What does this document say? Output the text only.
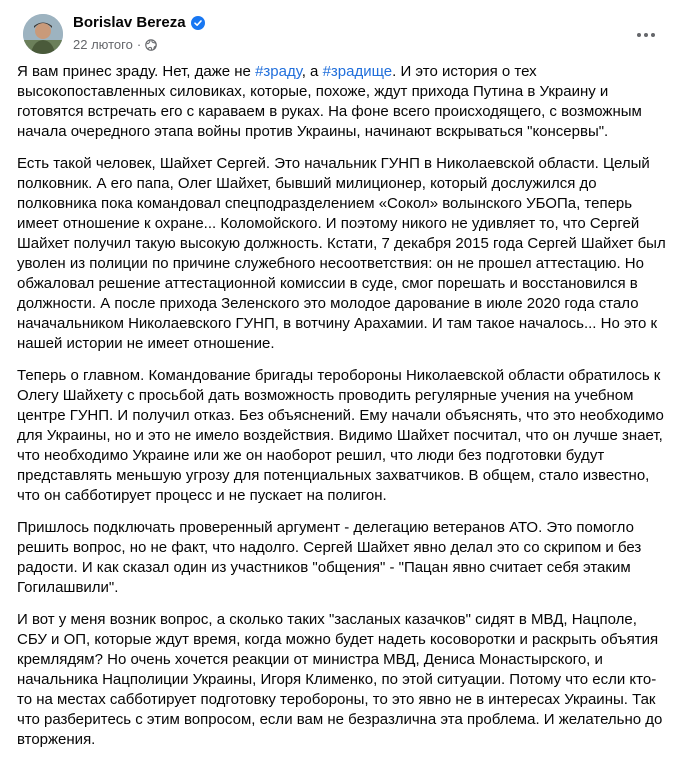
Borislav Bereza
22 лютого ·

Я вам принес зраду. Нет, даже не #зраду, а #зрадище. И это история о тех высокопоставленных силовиках, которые, похоже, ждут прихода Путина в Украину и готовятся встречать его с караваем в руках. На фоне всего происходящего, с возможным начала очередного этапа войны против Украины, начинают вскрываться "консервы".

Есть такой человек, Шайхет Сергей. Это начальник ГУНП в Николаевской области. Целый полковник. А его папа, Олег Шайхет, бывший милиционер, который дослужился до полковника пока командовал спецподразделением «Сокол» волынского УБОПа, теперь имеет отношение к охране... Коломойского. И поэтому никого не удивляет то, что Сергей Шайхет получил такую высокую должность. Кстати, 7 декабря 2015 года Сергей Шайхет был уволен из полиции по причине служебного несоответствия: он не прошел аттестацию. Но обжаловал решение аттестационной комиссии в суде, смог порешать и восстановился в должности. А после прихода Зеленского это молодое дарование в июле 2020 года стало начачальником Николаевского ГУНП, в вотчину Арахамии. И там такое началось... Но это к нашей истории не имеет отношение.

Теперь о главном. Командование бригады теробороны Николаевской области обратилось к Олегу Шайхету с просьбой дать возможность проводить регулярные учения на учебном центре ГУНП. И получил отказ. Без объяснений. Ему начали объяснять, что это необходимо для Украины, но и это не имело воздействия. Видимо Шайхет посчитал, что он лучше знает, что необходимо Украине или же он наоборот решил, что люди без подготовки будут представлять меньшую угрозу для потенциальных захватчиков. В общем, стало известно, что он сабботирует процесс и не пускает на полигон.

Пришлось подключать проверенный аргумент - делегацию ветеранов АТО. Это помогло решить вопрос, но не факт, что надолго. Сергей Шайхет явно делал это со скрипом и без радости. И как сказал один из участников "общения" - "Пацан явно считает себя этаким Гогилашвили".

И вот у меня возник вопрос, а сколько таких "засланых казачков" сидят в МВД, Нацполе, СБУ и ОП, которые ждут время, когда можно будет надеть косоворотки и раскрыть объятия кремлядям? Но очень хочется реакции от министра МВД, Дениса Монастырского, и начальника Нацполиции Украины, Игоря Клименко, по этой ситуации. Потому что если кто-то на местах сабботирует подготовку теробороны, то это явно не в интересах Украины. Так что разберитесь с этим вопросом, если вам не безразлична эта проблема. И желательно до вторжения.
